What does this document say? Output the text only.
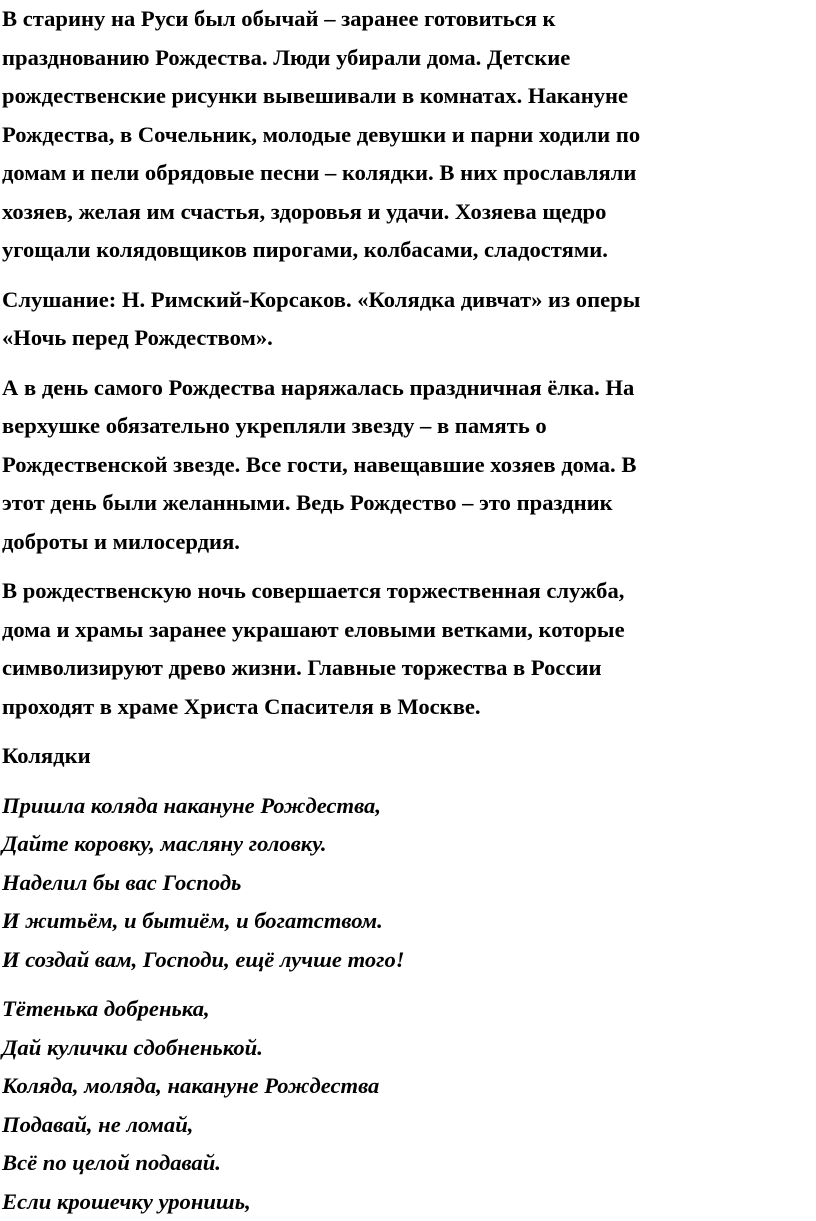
В старину на Руси был обычай – заранее готовиться к
празднованию Рождества. Люди убирали дома. Детские
рождественские рисунки вывешивали в комнатах. Накануне
Рождества, в Сочельник, молодые девушки и парни ходили по
домам и пели обрядовые песни – колядки. В них прославляли
хозяев, желая им счастья, здоровья и удачи. Хозяева щедро
угощали колядовщиков пирогами, колбасами, сладостями.

Слушание: Н. Римский-Корсаков. «Колядка дивчат» из оперы
«Ночь перед Рождеством».

А в день самого Рождества наряжалась праздничная ёлка. На
верхушке обязательно укрепляли звезду – в память о
Рождественской звезде. Все гости, навещавшие хозяев дома. В
этот день были желанными. Ведь Рождество – это праздник
доброты и милосердия.

В рождественскую ночь совершается торжественная служба,
дома и храмы заранее украшают еловыми ветками, которые
символизируют древо жизни. Главные торжества в России
проходят в храме Христа Спасителя в Москве.

Колядки

Пришла коляда накануне Рождества,
Дайте коровку, масляну головку.
Наделил бы вас Господь
И житьём, и бытиём, и богатством.
И создай вам, Господи, ещё лучше того!

Тётенька добренька,
Дай кулички сдобненькой.
Коляда, моляда, накануне Рождества
Подавай, не ломай,
Всё по целой подавай.
Если крошечку уронишь,
